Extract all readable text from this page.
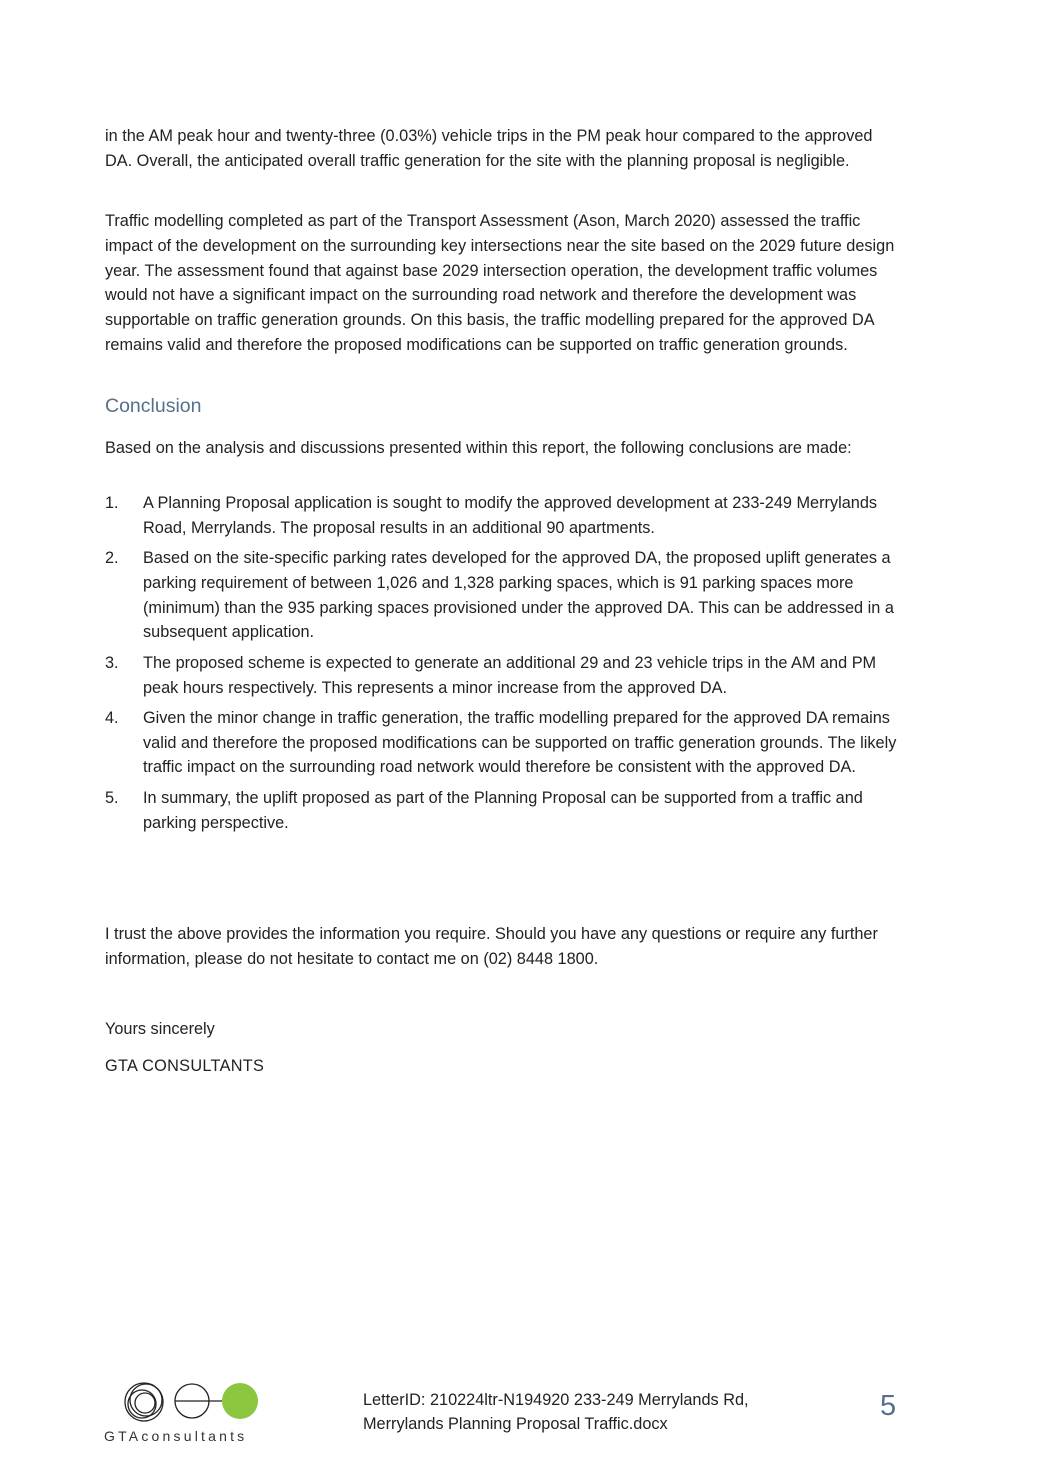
in the AM peak hour and twenty-three (0.03%) vehicle trips in the PM peak hour compared to the approved DA. Overall, the anticipated overall traffic generation for the site with the planning proposal is negligible.

Traffic modelling completed as part of the Transport Assessment (Ason, March 2020) assessed the traffic impact of the development on the surrounding key intersections near the site based on the 2029 future design year. The assessment found that against base 2029 intersection operation, the development traffic volumes would not have a significant impact on the surrounding road network and therefore the development was supportable on traffic generation grounds. On this basis, the traffic modelling prepared for the approved DA remains valid and therefore the proposed modifications can be supported on traffic generation grounds.

Conclusion

Based on the analysis and discussions presented within this report, the following conclusions are made:

1. A Planning Proposal application is sought to modify the approved development at 233-249 Merrylands Road, Merrylands. The proposal results in an additional 90 apartments.
2. Based on the site-specific parking rates developed for the approved DA, the proposed uplift generates a parking requirement of between 1,026 and 1,328 parking spaces, which is 91 parking spaces more (minimum) than the 935 parking spaces provisioned under the approved DA. This can be addressed in a subsequent application.
3. The proposed scheme is expected to generate an additional 29 and 23 vehicle trips in the AM and PM peak hours respectively. This represents a minor increase from the approved DA.
4. Given the minor change in traffic generation, the traffic modelling prepared for the approved DA remains valid and therefore the proposed modifications can be supported on traffic generation grounds. The likely traffic impact on the surrounding road network would therefore be consistent with the approved DA.
5. In summary, the uplift proposed as part of the Planning Proposal can be supported from a traffic and parking perspective.

I trust the above provides the information you require. Should you have any questions or require any further information, please do not hesitate to contact me on (02) 8448 1800.

Yours sincerely

GTA CONSULTANTS

GTAconsultants
LetterID: 210224ltr-N194920 233-249 Merrylands Rd, Merrylands Planning Proposal Traffic.docx
5
